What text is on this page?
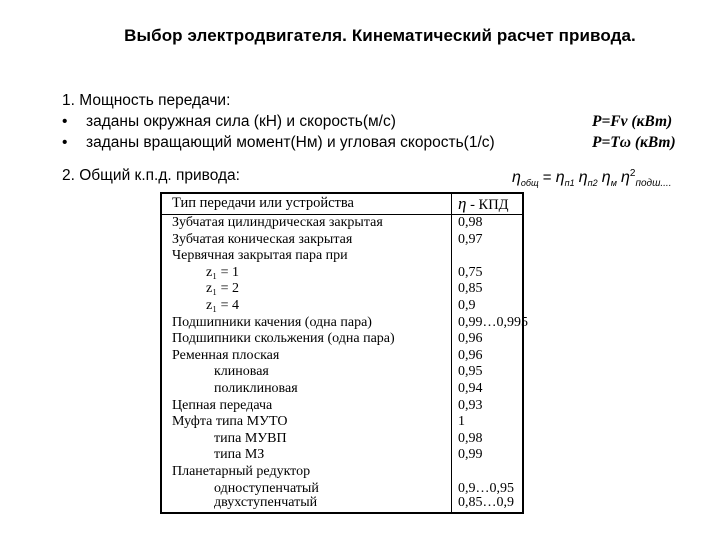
Выбор электродвигателя. Кинематический расчет привода.
1. Мощность передачи:
• заданы окружная сила (кН) и скорость(м/с)
• заданы вращающий момент(Нм) и угловая скорость(1/с)
P=Fv (кВт)
P=Tω (кВт)
2. Общий к.п.д. привода:	$\eta_{общ} = \eta_{п1}$ $\eta_{п2}$ $\eta_м$ $\eta^2_{подш....}$
Тип передачи или устройства	η - КПД
Зубчатая цилиндрическая закрытая	0,98
Зубчатая коническая закрытая	0,97
Червячная закрытая пара при
z₁ = 1	0,75
z₁ = 2	0,85
z₁ = 4	0,9
Подшипники качения (одна пара)	0,99…0,995
Подшипники скольжения (одна пара)	0,96
Ременная плоская	0,96
клиновая	0,95
поликлиновая	0,94
Цепная передача	0,93
Муфта типа МУТО	1
типа МУВП	0,98
типа МЗ	0,99
Планетарный редуктор
одноступенчатый	0,9…0,95
двухступенчатый	0,85…0,9
